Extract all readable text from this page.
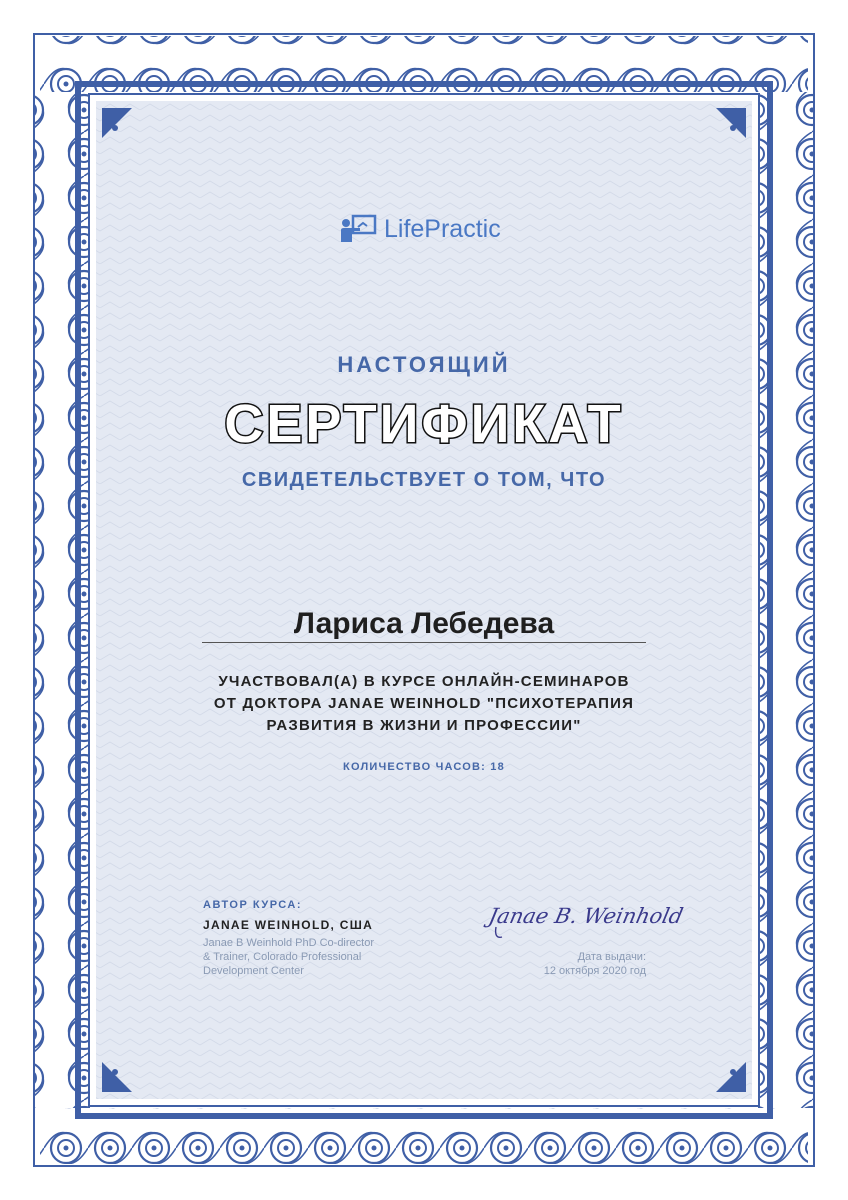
LifePractic
НАСТОЯЩИЙ
СЕРТИФИКАТ
СВИДЕТЕЛЬСТВУЕТ О ТОМ, ЧТО
Лариса Лебедева
УЧАСТВОВАЛ(А) В КУРСЕ ОНЛАЙН-СЕМИНАРОВ
ОТ ДОКТОРА JANAE WEINHOLD "ПСИХОТЕРАПИЯ
РАЗВИТИЯ В ЖИЗНИ И ПРОФЕССИИ"
КОЛИЧЕСТВО ЧАСОВ: 18
АВТОР КУРСА:
JANAE WEINHOLD, США
Janae B Weinhold PhD Co-director
& Trainer, Colorado Professional
Development Center
Janae B. Weinhold
Дата выдачи:
12 октября 2020 год
